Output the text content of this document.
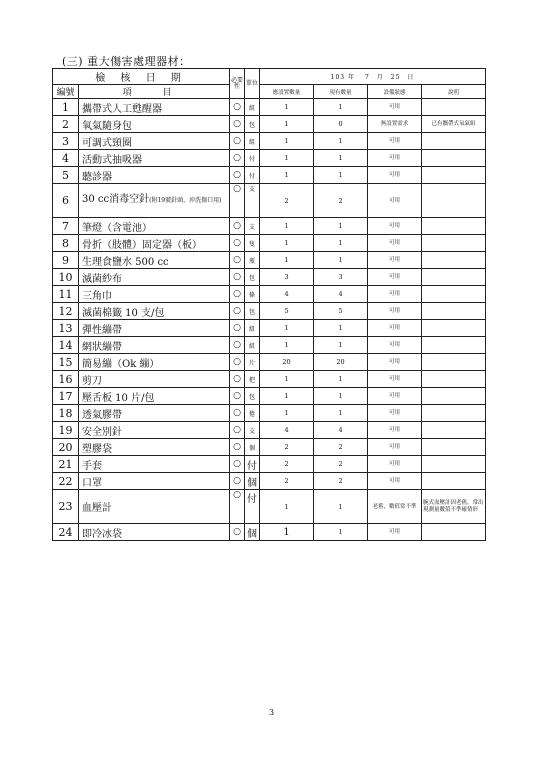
(三) 重大傷害處理器材：
檢 核 日 期		必要性	單位	103 年　 7　月　25　日			
編號	項 目			應設置數量	現有數量	設備狀態	說明
1	攜帶式人工甦醒器	○	組	1	1	可用	
2	氧氣隨身包	○	包	1	0	無設置需求	已有攜帶式氧氣組
3	可調式頸圈	○	組	1	1	可用	
4	活動式抽吸器	○	付	1	1	可用	
5	聽診器	○	付	1	1	可用	
6	30 cc消毒空針(附19號針頭，沖洗傷口用)	○	支	2	2	可用	
7	筆燈（含電池）	○	支	1	1	可用	
8	骨折（肢體）固定器（板）	○	隻	1	1	可用	
9	生理食鹽水 500 cc	○	瓶	1	1	可用	
10	滅菌紗布	○	包	3	3	可用	
11	三角巾	○	條	4	4	可用	
12	滅菌棉籤 10 支/包	○	包	5	5	可用	
13	彈性繃帶	○	組	1	1	可用	
14	網狀繃帶	○	組	1	1	可用	
15	簡易繃（Ok 繃）	○	片	20	20	可用	
16	剪刀	○	把	1	1	可用	
17	壓舌板 10 片/包	○	包	1	1	可用	
18	透氣膠帶	○	捲	1	1	可用	
19	安全別針	○	支	4	4	可用	
20	塑膠袋	○	個	2	2	可用	
21	手套	○	付	2	2	可用	
22	口罩	○	個	2	2	可用	
23	血壓計	○	付	1	1	老舊，數值常不準	腕式血壓計因老舊，常出現測量數值不準確情形
24	即冷冰袋	○	個	1	1	可用	
3
